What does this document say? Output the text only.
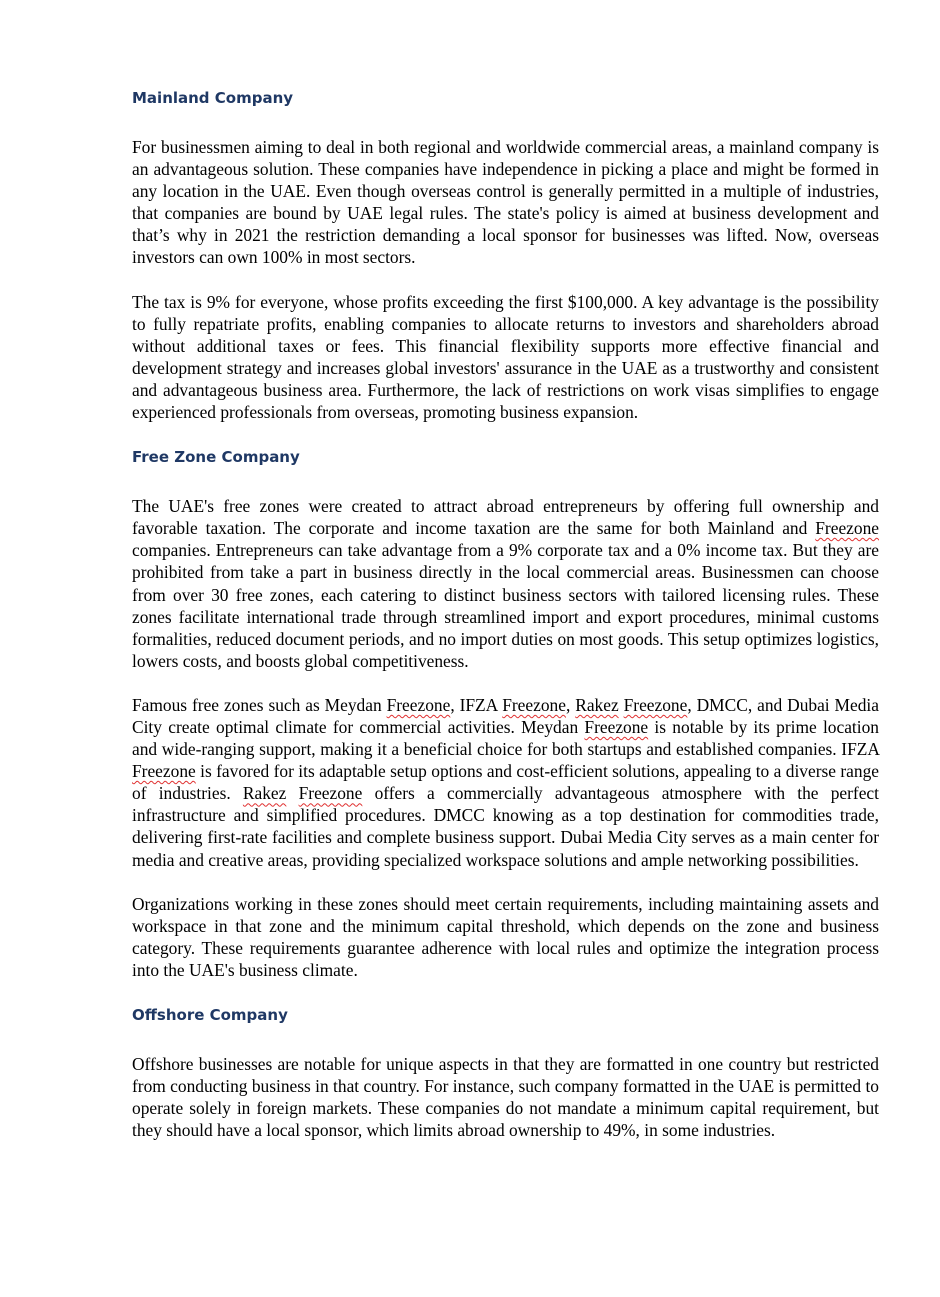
Mainland Company

For businessmen aiming to deal in both regional and worldwide commercial areas, a mainland company is an advantageous solution. These companies have independence in picking a place and might be formed in any location in the UAE. Even though overseas control is generally permitted in a multiple of industries, that companies are bound by UAE legal rules. The state's policy is aimed at business development and that’s why in 2021 the restriction demanding a local sponsor for businesses was lifted. Now, overseas investors can own 100% in most sectors.

The tax is 9% for everyone, whose profits exceeding the first $100,000. A key advantage is the possibility to fully repatriate profits, enabling companies to allocate returns to investors and shareholders abroad without additional taxes or fees. This financial flexibility supports more effective financial and development strategy and increases global investors' assurance in the UAE as a trustworthy and consistent and advantageous business area. Furthermore, the lack of restrictions on work visas simplifies to engage experienced professionals from overseas, promoting business expansion.

Free Zone Company

The UAE's free zones were created to attract abroad entrepreneurs by offering full ownership and favorable taxation. The corporate and income taxation are the same for both Mainland and Freezone companies. Entrepreneurs can take advantage from a 9% corporate tax and a 0% income tax. But they are prohibited from take a part in business directly in the local commercial areas. Businessmen can choose from over 30 free zones, each catering to distinct business sectors with tailored licensing rules. These zones facilitate international trade through streamlined import and export procedures, minimal customs formalities, reduced document periods, and no import duties on most goods. This setup optimizes logistics, lowers costs, and boosts global competitiveness.

Famous free zones such as Meydan Freezone, IFZA Freezone, Rakez Freezone, DMCC, and Dubai Media City create optimal climate for commercial activities. Meydan Freezone is notable by its prime location and wide-ranging support, making it a beneficial choice for both startups and established companies. IFZA Freezone is favored for its adaptable setup options and cost-efficient solutions, appealing to a diverse range of industries. Rakez Freezone offers a commercially advantageous atmosphere with the perfect infrastructure and simplified procedures. DMCC knowing as a top destination for commodities trade, delivering first-rate facilities and complete business support. Dubai Media City serves as a main center for media and creative areas, providing specialized workspace solutions and ample networking possibilities.

Organizations working in these zones should meet certain requirements, including maintaining assets and workspace in that zone and the minimum capital threshold, which depends on the zone and business category. These requirements guarantee adherence with local rules and optimize the integration process into the UAE's business climate.

Offshore Company

Offshore businesses are notable for unique aspects in that they are formatted in one country but restricted from conducting business in that country. For instance, such company formatted in the UAE is permitted to operate solely in foreign markets. These companies do not mandate a minimum capital requirement, but they should have a local sponsor, which limits abroad ownership to 49%, in some industries.
